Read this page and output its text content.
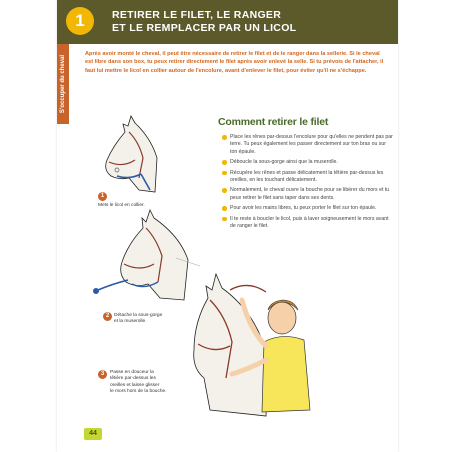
1	RETIRER LE FILET, LE RANGER
ET LE REMPLACER PAR UN LICOL
S'occuper du cheval

Après avoir monté le cheval, il peut être nécessaire de retirer le filet et de le ranger dans la sellerie. Si le cheval est libre dans son box, tu peux retirer directement le filet après avoir enlevé la selle. Si tu prévois de l'attacher, il faut lui mettre le licol en collier autour de l'encolure, avant d'enlever le filet, pour éviter qu'il ne s'échappe.

Comment retirer le filet
Place les rênes par-dessus l'encolure pour qu'elles ne pendent pas par terre. Tu peux également les passer directement sur ton bras ou sur ton épaule.
Déboucle la sous-gorge ainsi que la muserolle.
Récupère les rênes et passe délicatement la têtière par-dessus les oreilles, en les touchant délicatement.
Normalement, le cheval ouvre la bouche pour se libérer du mors et tu peux retirer le filet sans taper dans ses dents.
Pour avoir les mains libres, tu peux porter le filet sur ton épaule.
Il te reste à boucler le licol, puis à laver soigneusement le mors avant de ranger le filet.
1

Mets le licol en collier.

2	Détache la sous-gorge
et la muserolle.

3	Passe en douceur la
têtière par-dessus les
oreilles et laisse glisser
le mors hors de la bouche.

44
